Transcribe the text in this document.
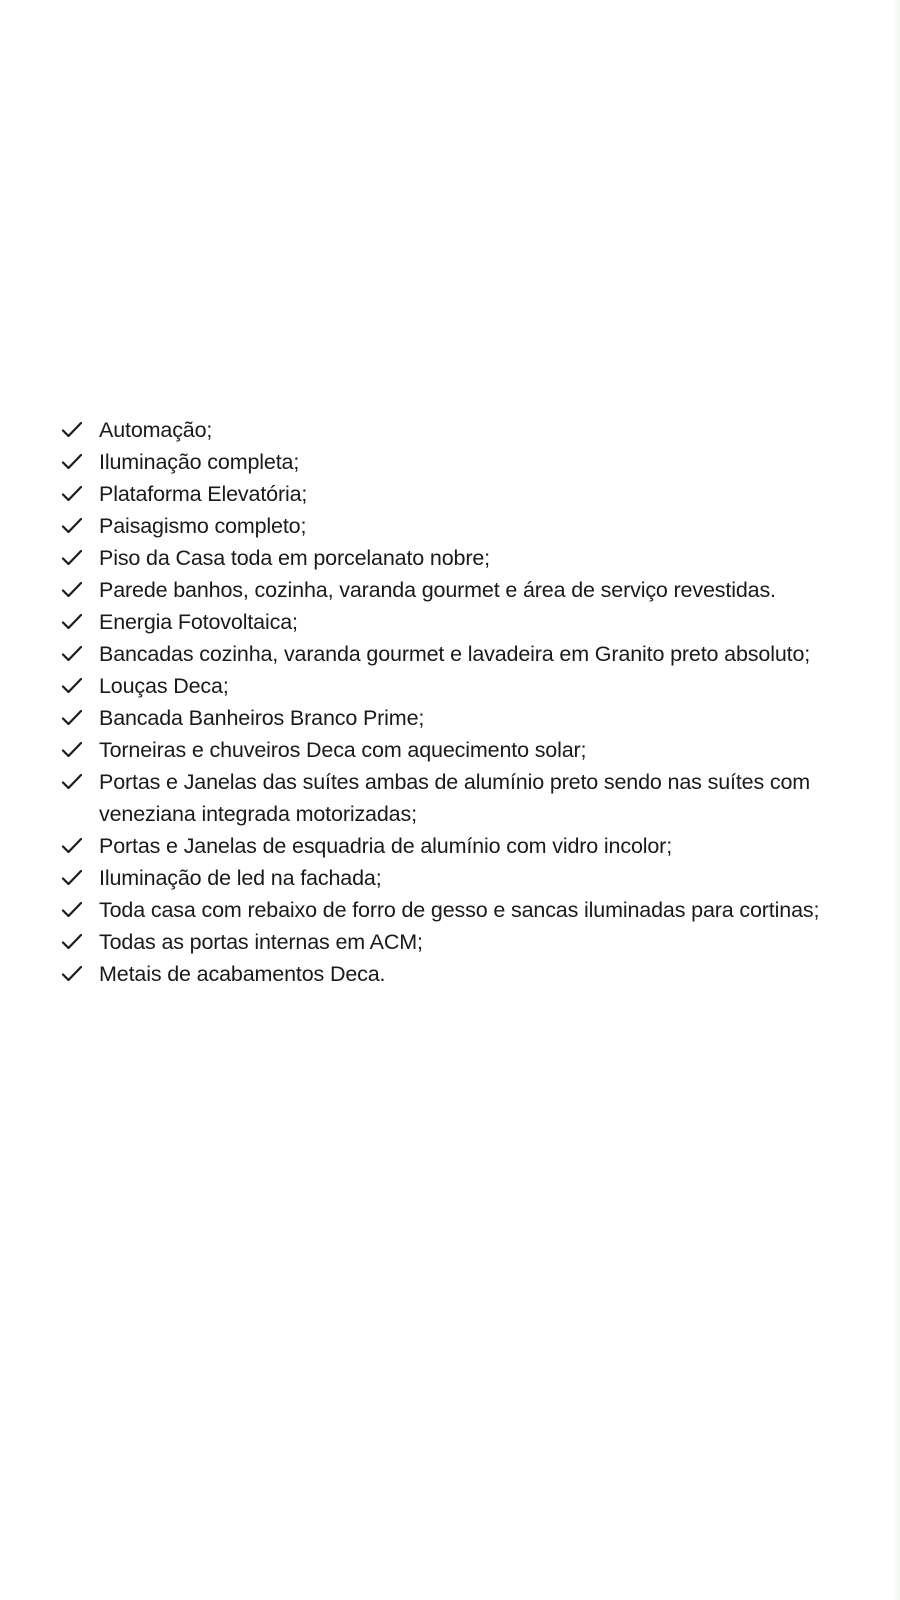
Automação;
Iluminação completa;
Plataforma Elevatória;
Paisagismo completo;
Piso da Casa toda em porcelanato nobre;
Parede banhos, cozinha, varanda gourmet e área de serviço revestidas.
Energia Fotovoltaica;
Bancadas cozinha, varanda gourmet e lavadeira em Granito preto absoluto;
Louças Deca;
Bancada Banheiros Branco Prime;
Torneiras e chuveiros Deca com aquecimento solar;
Portas e Janelas das suítes ambas de alumínio preto sendo nas suítes com veneziana integrada motorizadas;
Portas e Janelas de esquadria de alumínio com vidro incolor;
Iluminação de led na fachada;
Toda casa com rebaixo de forro de gesso e sancas iluminadas para cortinas;
Todas as portas internas em ACM;
Metais de acabamentos Deca.
